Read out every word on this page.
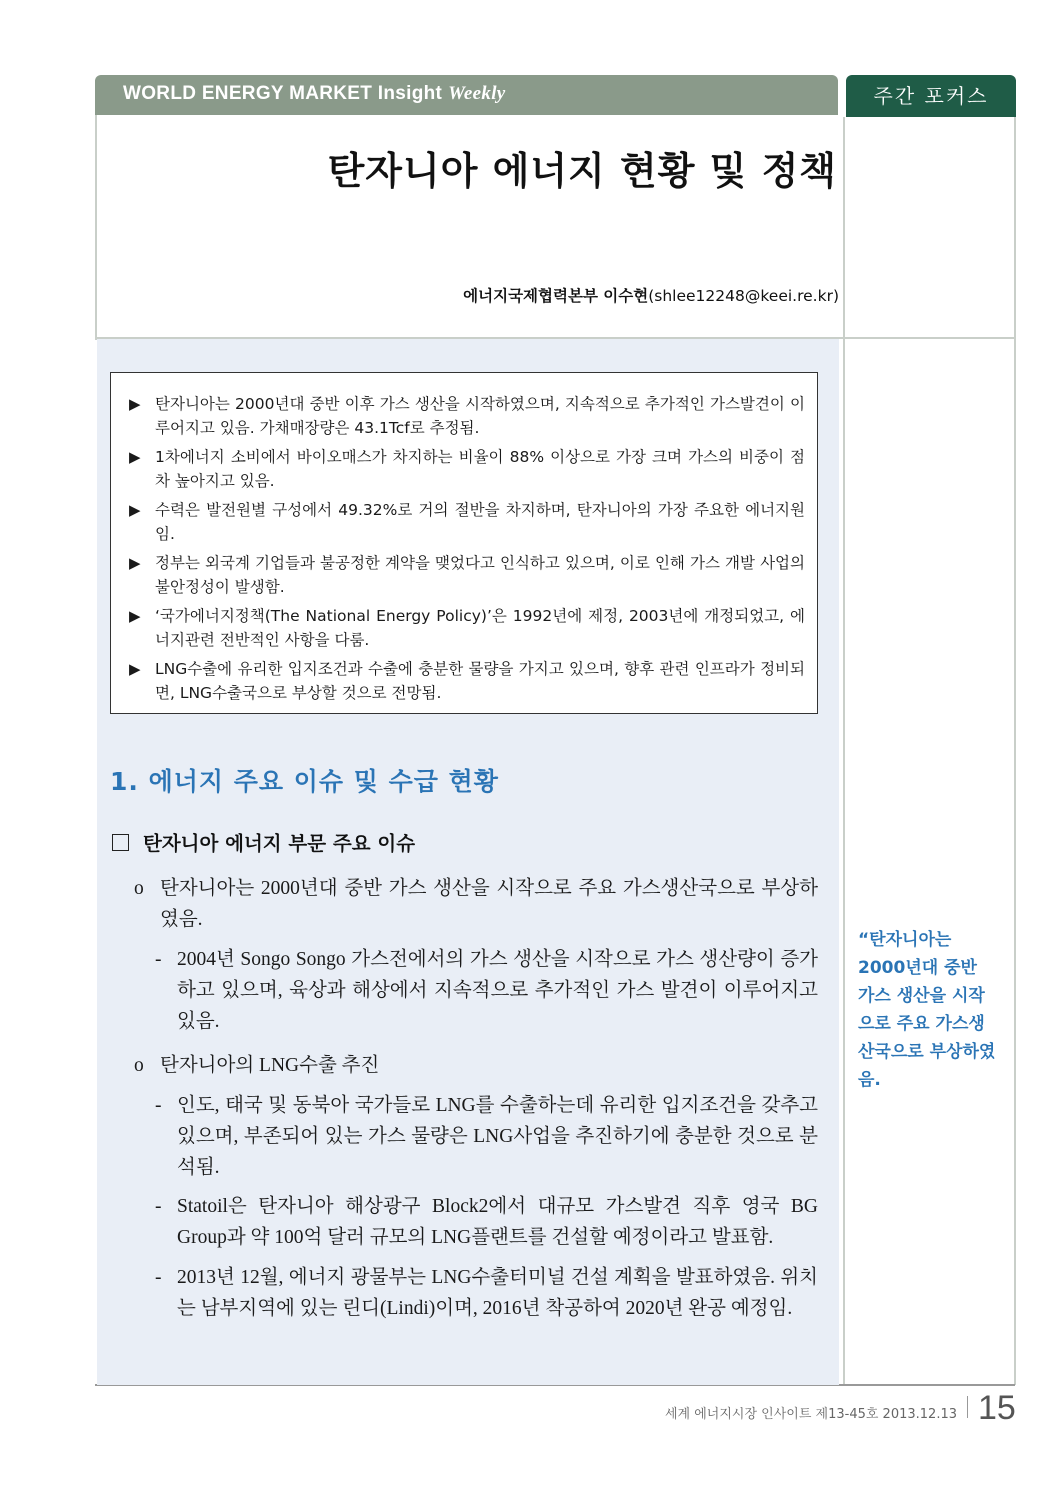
WORLD ENERGY MARKET Insight Weekly	주간 포커스
탄자니아 에너지 현황 및 정책
에너지국제협력본부 이수현(shlee12248@keei.re.kr)
▶ 탄자니아는 2000년대 중반 이후 가스 생산을 시작하였으며, 지속적으로 추가적인 가스발견이 이루어지고 있음. 가채매장량은 43.1Tcf로 추정됨.
▶ 1차에너지 소비에서 바이오매스가 차지하는 비율이 88% 이상으로 가장 크며 가스의 비중이 점차 높아지고 있음.
▶ 수력은 발전원별 구성에서 49.32%로 거의 절반을 차지하며, 탄자니아의 가장 주요한 에너지원임.
▶ 정부는 외국계 기업들과 불공정한 계약을 맺었다고 인식하고 있으며, 이로 인해 가스 개발 사업의 불안정성이 발생함.
▶ ‘국가에너지정책(The National Energy Policy)’은 1992년에 제정, 2003년에 개정되었고, 에너지관련 전반적인 사항을 다룸.
▶ LNG수출에 유리한 입지조건과 수출에 충분한 물량을 가지고 있으며, 향후 관련 인프라가 정비되면, LNG수출국으로 부상할 것으로 전망됨.
1. 에너지 주요 이슈 및 수급 현황
탄자니아 에너지 부문 주요 이슈
o 탄자니아는 2000년대 중반 가스 생산을 시작으로 주요 가스생산국으로 부상하였음.
- 2004년 Songo Songo 가스전에서의 가스 생산을 시작으로 가스 생산량이 증가하고 있으며, 육상과 해상에서 지속적으로 추가적인 가스 발견이 이루어지고 있음.
o 탄자니아의 LNG수출 추진
- 인도, 태국 및 동북아 국가들로 LNG를 수출하는데 유리한 입지조건을 갖추고 있으며, 부존되어 있는 가스 물량은 LNG사업을 추진하기에 충분한 것으로 분석됨.
- Statoil은 탄자니아 해상광구 Block2에서 대규모 가스발견 직후 영국 BG Group과 약 100억 달러 규모의 LNG플랜트를 건설할 예정이라고 발표함.
- 2013년 12월, 에너지 광물부는 LNG수출터미널 건설 계획을 발표하였음. 위치는 남부지역에 있는 린디(Lindi)이며, 2016년 착공하여 2020년 완공 예정임.
“탄자니아는 2000년대 중반 가스 생산을 시작으로 주요 가스생산국으로 부상하였음.
세계 에너지시장 인사이트 제13-45호 2013.12.13 15
